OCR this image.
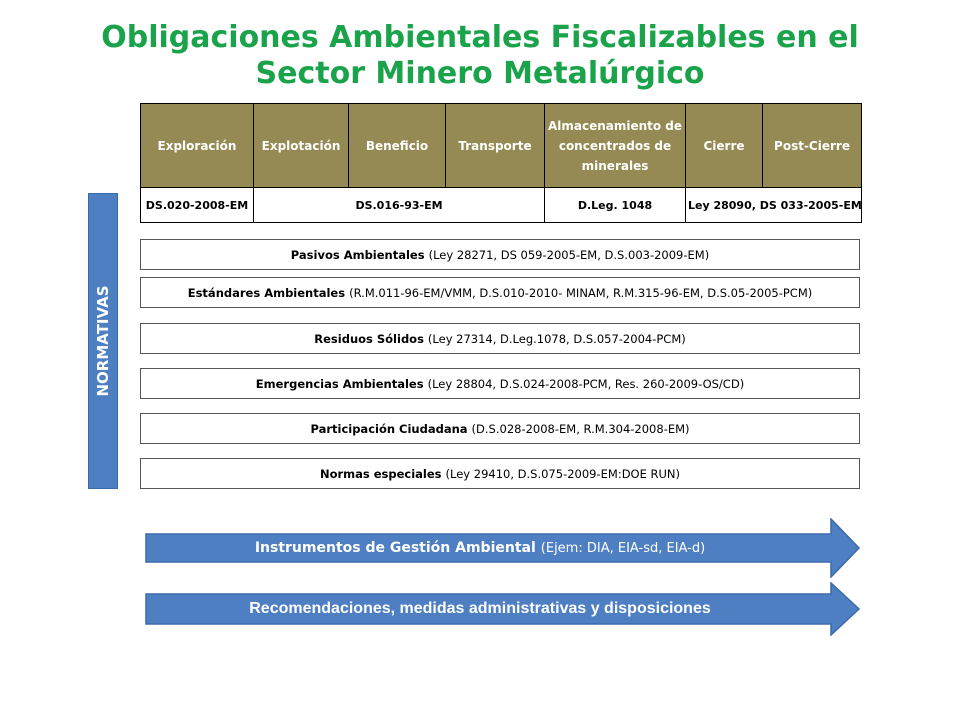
Obligaciones Ambientales Fiscalizables en el
Sector Minero Metalúrgico
Exploración	Explotación	Beneficio	Transporte	Almacenamiento de concentrados de minerales	Cierre	Post-Cierre
DS.020-2008-EM	DS.016-93-EM			D.Leg. 1048	Ley 28090, DS 033-2005-EM	
NORMATIVAS
Pasivos Ambientales (Ley 28271, DS 059-2005-EM, D.S.003-2009-EM)
Estándares Ambientales (R.M.011-96-EM/VMM, D.S.010-2010- MINAM, R.M.315-96-EM, D.S.05-2005-PCM)
Residuos Sólidos (Ley 27314, D.Leg.1078, D.S.057-2004-PCM)
Emergencias Ambientales (Ley 28804, D.S.024-2008-PCM, Res. 260-2009-OS/CD)
Participación Ciudadana (D.S.028-2008-EM, R.M.304-2008-EM)
Normas especiales (Ley 29410, D.S.075-2009-EM:DOE RUN)
Instrumentos de Gestión Ambiental (Ejem: DIA, EIA-sd, EIA-d)
Recomendaciones, medidas administrativas y disposiciones
